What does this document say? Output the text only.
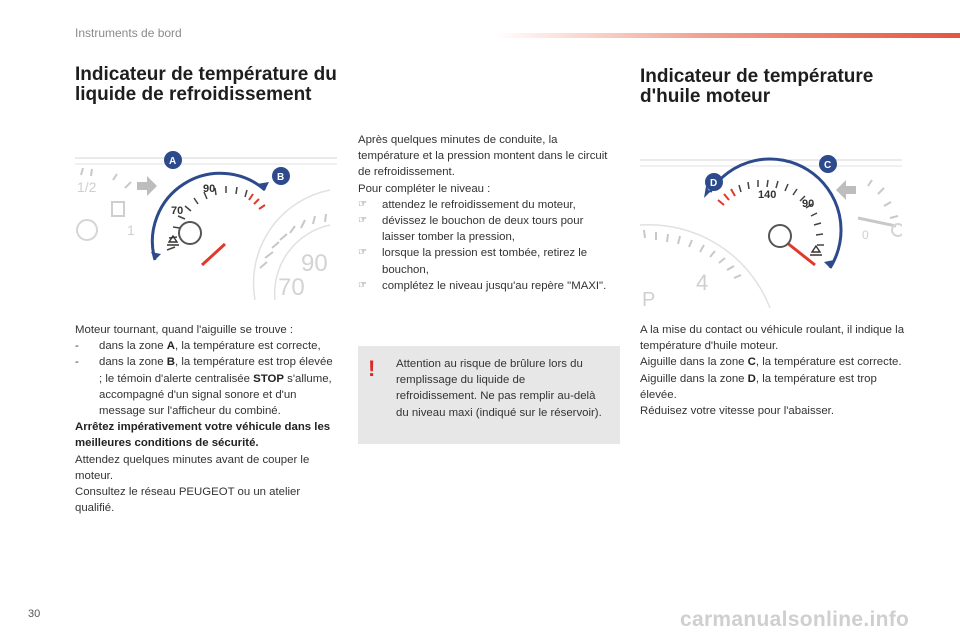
Instruments de bord
Indicateur de température du liquide de refroidissement
Indicateur de température d'huile moteur
90
70
1/2
1
90
70
A
B
4
P
0
140
90
D
C

Moteur tournant, quand l'aiguille se trouve :

- dans la zone A, la température est correcte,

- dans la zone B, la température est trop élevée ; le témoin d'alerte centralisée STOP s'allume, accompagné d'un signal sonore et d'un message sur l'afficheur du combiné.

Arrêtez impérativement votre véhicule dans les meilleures conditions de sécurité.

Attendez quelques minutes avant de couper le moteur.

Consultez le réseau PEUGEOT ou un atelier qualifié.

Après quelques minutes de conduite, la température et la pression montent dans le circuit de refroidissement.

Pour compléter le niveau :

☞ attendez le refroidissement du moteur,

☞ dévissez le bouchon de deux tours pour laisser tomber la pression,

☞ lorsque la pression est tombée, retirez le bouchon,

☞ complétez le niveau jusqu'au repère "MAXI".

! Attention au risque de brûlure lors du remplissage du liquide de refroidissement. Ne pas remplir au-delà du niveau maxi (indiqué sur le réservoir).

A la mise du contact ou véhicule roulant, il indique la température d'huile moteur.

Aiguille dans la zone C, la température est correcte.

Aiguille dans la zone D, la température est trop élevée.

Réduisez votre vitesse pour l'abaisser.

30	carmanualsonline.info
